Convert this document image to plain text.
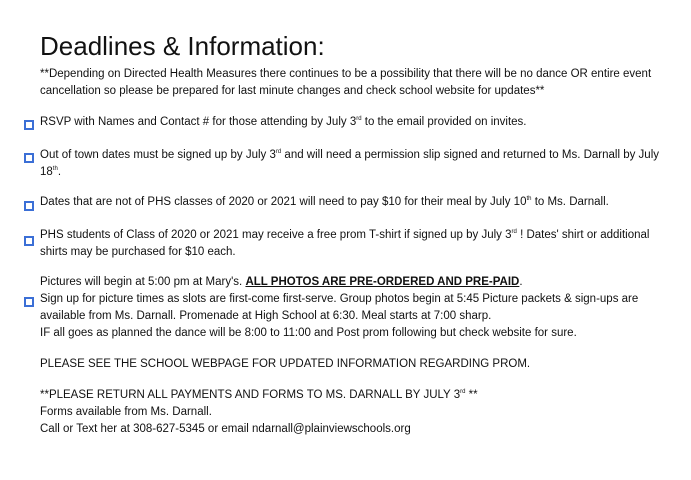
Deadlines & Information:
**Depending on Directed Health Measures there continues to be a possibility that there will be no dance OR entire event cancellation so please be prepared for last minute changes and check school website for updates**
RSVP with Names and Contact # for those attending by July 3rd to the email provided on invites.
Out of town dates must be signed up by July 3rd and will need a permission slip signed and returned to Ms. Darnall by July 18th.
Dates that are not of PHS classes of 2020 or 2021 will need to pay $10 for their meal by July 10th to Ms. Darnall.
PHS students of Class of 2020 or 2021 may receive a free prom T-shirt if signed up by July 3rd ! Dates' shirt or additional shirts may be purchased for $10 each.
Pictures will begin at 5:00 pm at Mary's. ALL PHOTOS ARE PRE-ORDERED AND PRE-PAID.
Sign up for picture times as slots are first-come first-serve. Group photos begin at 5:45 Picture packets & sign-ups are available from Ms. Darnall. Promenade at High School at 6:30. Meal starts at 7:00 sharp.
IF all goes as planned the dance will be 8:00 to 11:00 and Post prom following but check website for sure.
PLEASE SEE THE SCHOOL WEBPAGE FOR UPDATED INFORMATION REGARDING PROM.
**PLEASE RETURN ALL PAYMENTS AND FORMS TO MS. DARNALL BY JULY 3rd **
Forms available from Ms. Darnall.
Call or Text her at 308-627-5345 or email ndarnall@plainviewschools.org
